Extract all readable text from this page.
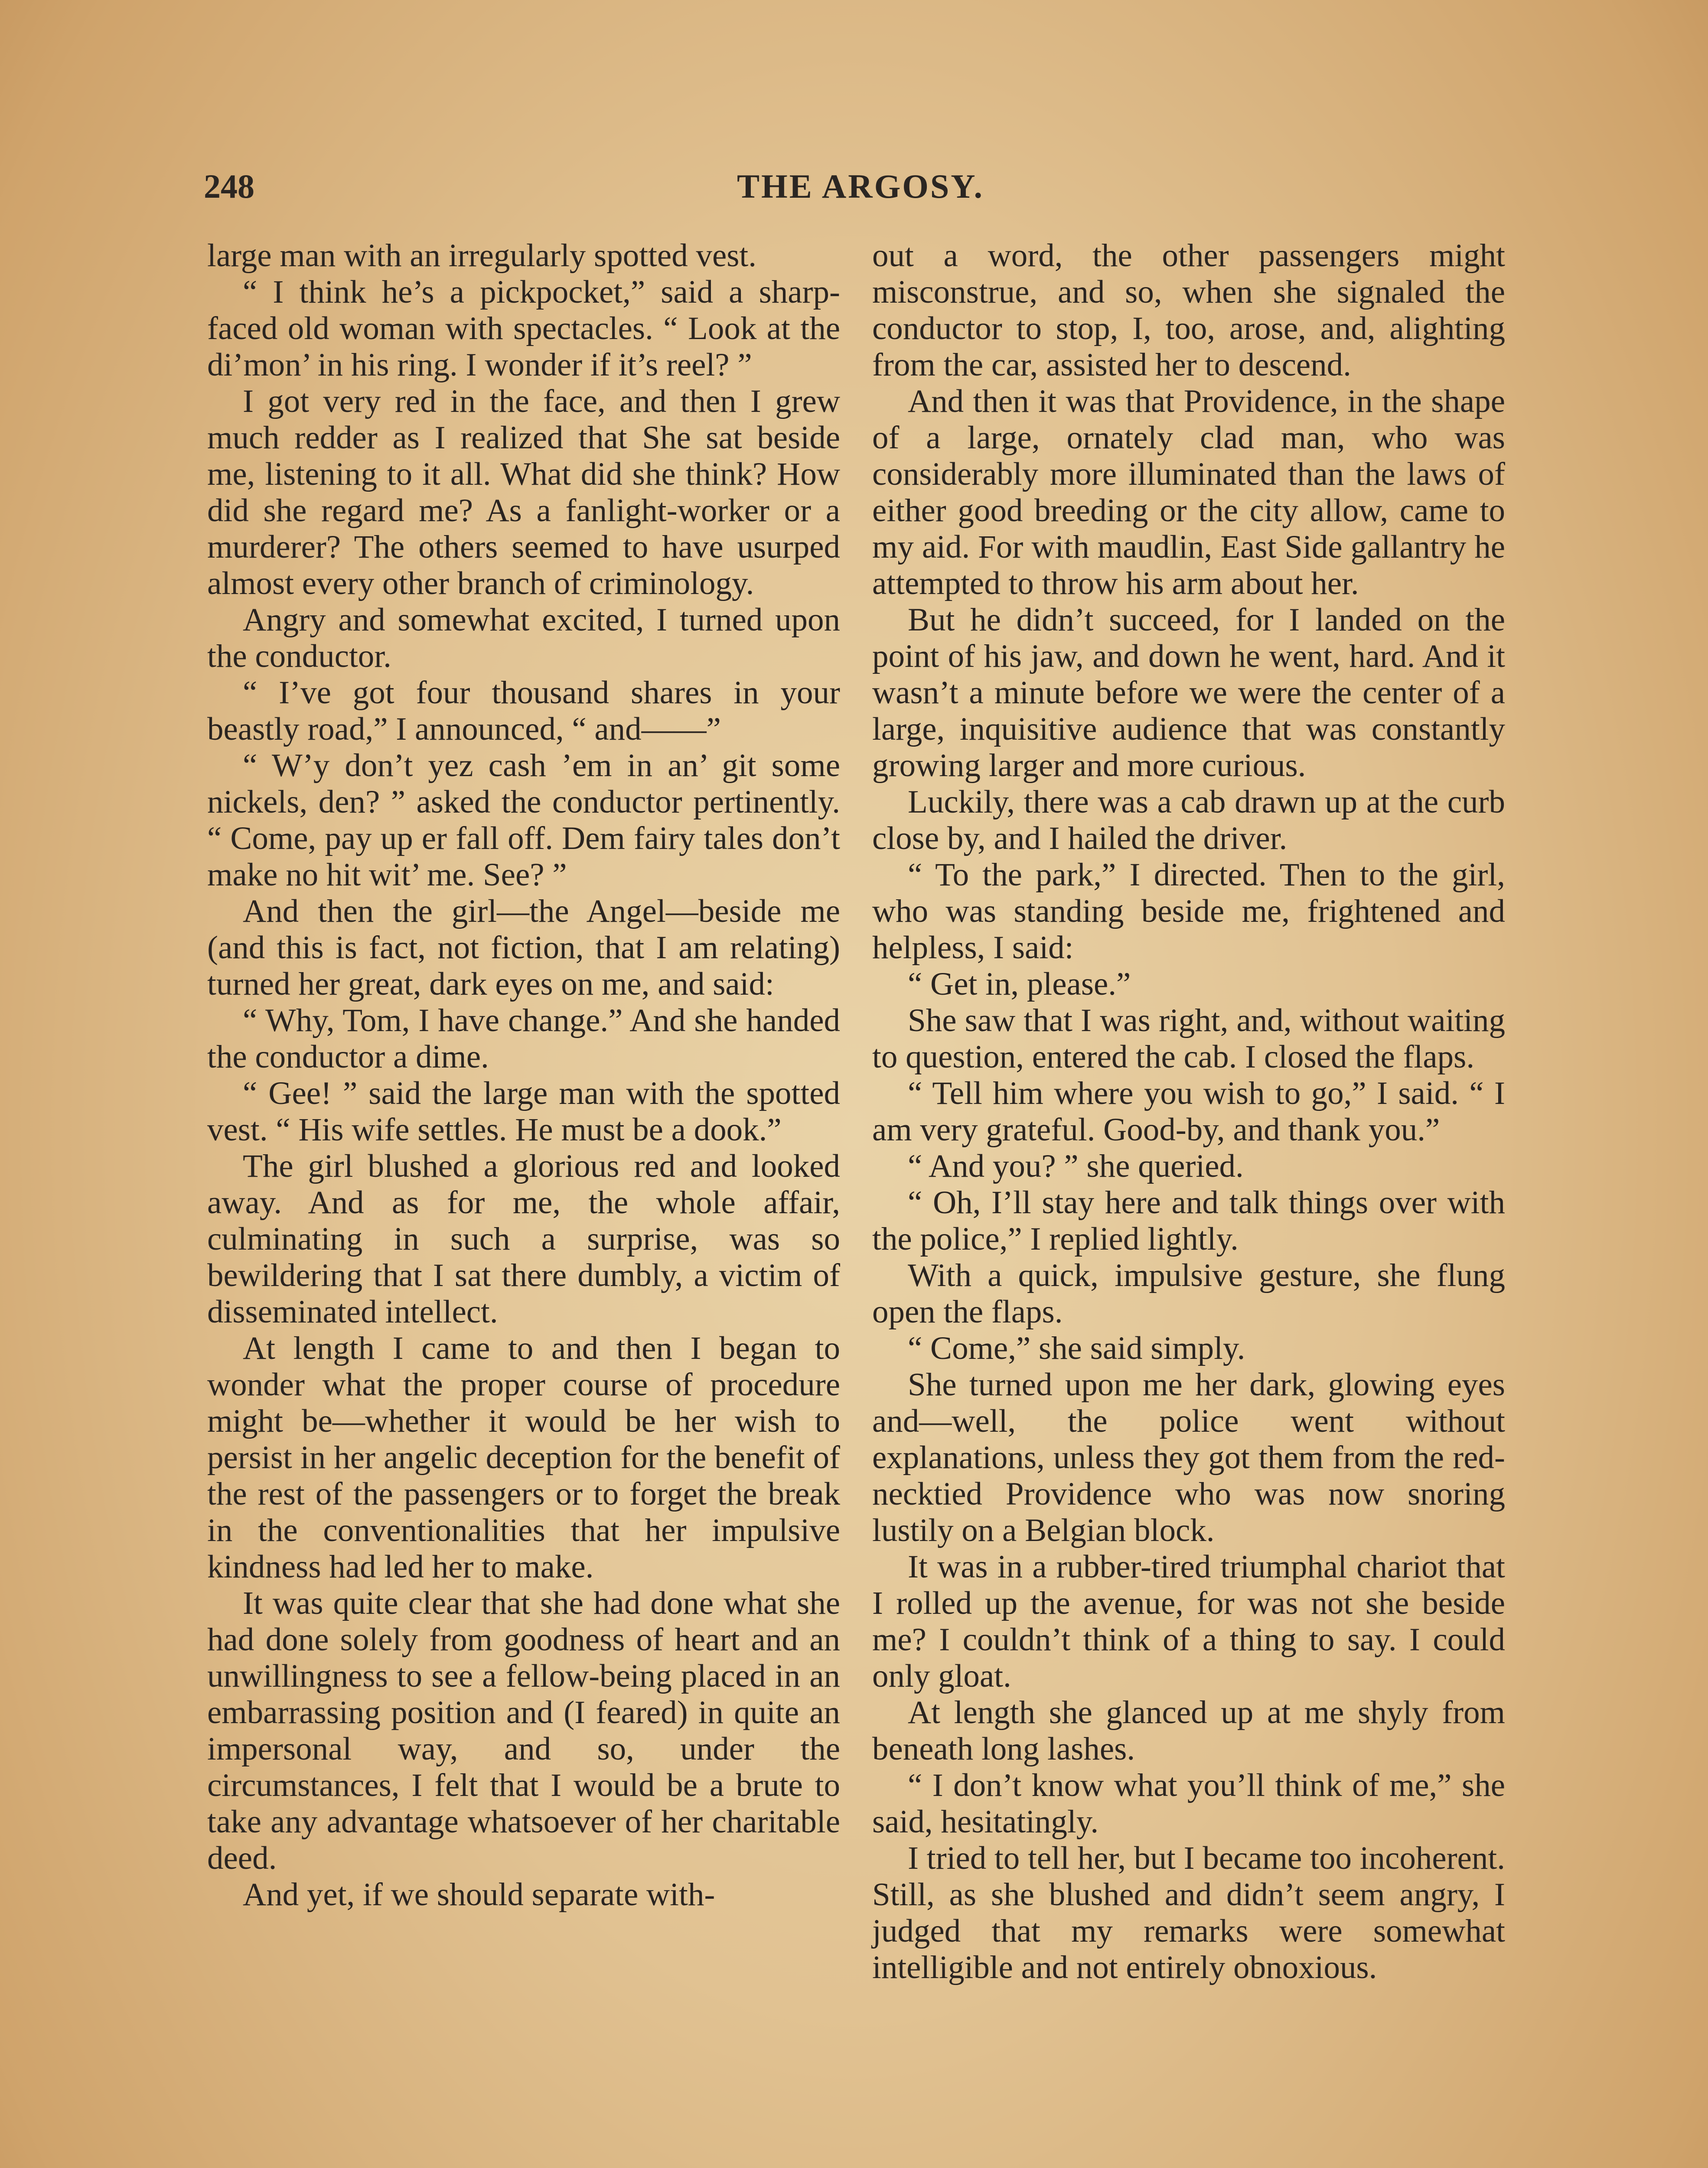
248	THE ARGOSY.

large man with an irregularly spotted vest.

“ I think he’s a pickpocket,” said a sharp-faced old woman with spectacles. “ Look at the di’mon’ in his ring. I wonder if it’s reel? ”

I got very red in the face, and then I grew much redder as I realized that She sat beside me, listening to it all. What did she think? How did she regard me? As a fanlight-worker or a murderer? The others seemed to have usurped almost every other branch of criminology.

Angry and somewhat excited, I turned upon the conductor.

“ I’ve got four thousand shares in your beastly road,” I announced, “ and——”

“ W’y don’t yez cash ’em in an’ git some nickels, den? ” asked the conductor pertinently. “ Come, pay up er fall off. Dem fairy tales don’t make no hit wit’ me. See? ”

And then the girl—the Angel—beside me (and this is fact, not fiction, that I am relating) turned her great, dark eyes on me, and said:

“ Why, Tom, I have change.” And she handed the conductor a dime.

“ Gee! ” said the large man with the spotted vest. “ His wife settles. He must be a dook.”

The girl blushed a glorious red and looked away. And as for me, the whole affair, culminating in such a surprise, was so bewildering that I sat there dumbly, a victim of disseminated intellect.

At length I came to and then I began to wonder what the proper course of procedure might be—whether it would be her wish to persist in her angelic deception for the benefit of the rest of the passengers or to forget the break in the conventionalities that her impulsive kindness had led her to make.

It was quite clear that she had done what she had done solely from goodness of heart and an unwillingness to see a fellow-being placed in an embarrassing position and (I feared) in quite an impersonal way, and so, under the circumstances, I felt that I would be a brute to take any advantage whatsoever of her charitable deed.

And yet, if we should separate with-

out a word, the other passengers might misconstrue, and so, when she signaled the conductor to stop, I, too, arose, and, alighting from the car, assisted her to descend.

And then it was that Providence, in the shape of a large, ornately clad man, who was considerably more illuminated than the laws of either good breeding or the city allow, came to my aid. For with maudlin, East Side gallantry he attempted to throw his arm about her.

But he didn’t succeed, for I landed on the point of his jaw, and down he went, hard. And it wasn’t a minute before we were the center of a large, inquisitive audience that was constantly growing larger and more curious.

Luckily, there was a cab drawn up at the curb close by, and I hailed the driver.

“ To the park,” I directed. Then to the girl, who was standing beside me, frightened and helpless, I said:

“ Get in, please.”

She saw that I was right, and, without waiting to question, entered the cab. I closed the flaps.

“ Tell him where you wish to go,” I said. “ I am very grateful. Good-by, and thank you.”

“ And you? ” she queried.

“ Oh, I’ll stay here and talk things over with the police,” I replied lightly.

With a quick, impulsive gesture, she flung open the flaps.

“ Come,” she said simply.

She turned upon me her dark, glowing eyes and—well, the police went without explanations, unless they got them from the red-necktied Providence who was now snoring lustily on a Belgian block.

It was in a rubber-tired triumphal chariot that I rolled up the avenue, for was not she beside me? I couldn’t think of a thing to say. I could only gloat.

At length she glanced up at me shyly from beneath long lashes.

“ I don’t know what you’ll think of me,” she said, hesitatingly.

I tried to tell her, but I became too incoherent. Still, as she blushed and didn’t seem angry, I judged that my remarks were somewhat intelligible and not entirely obnoxious.
